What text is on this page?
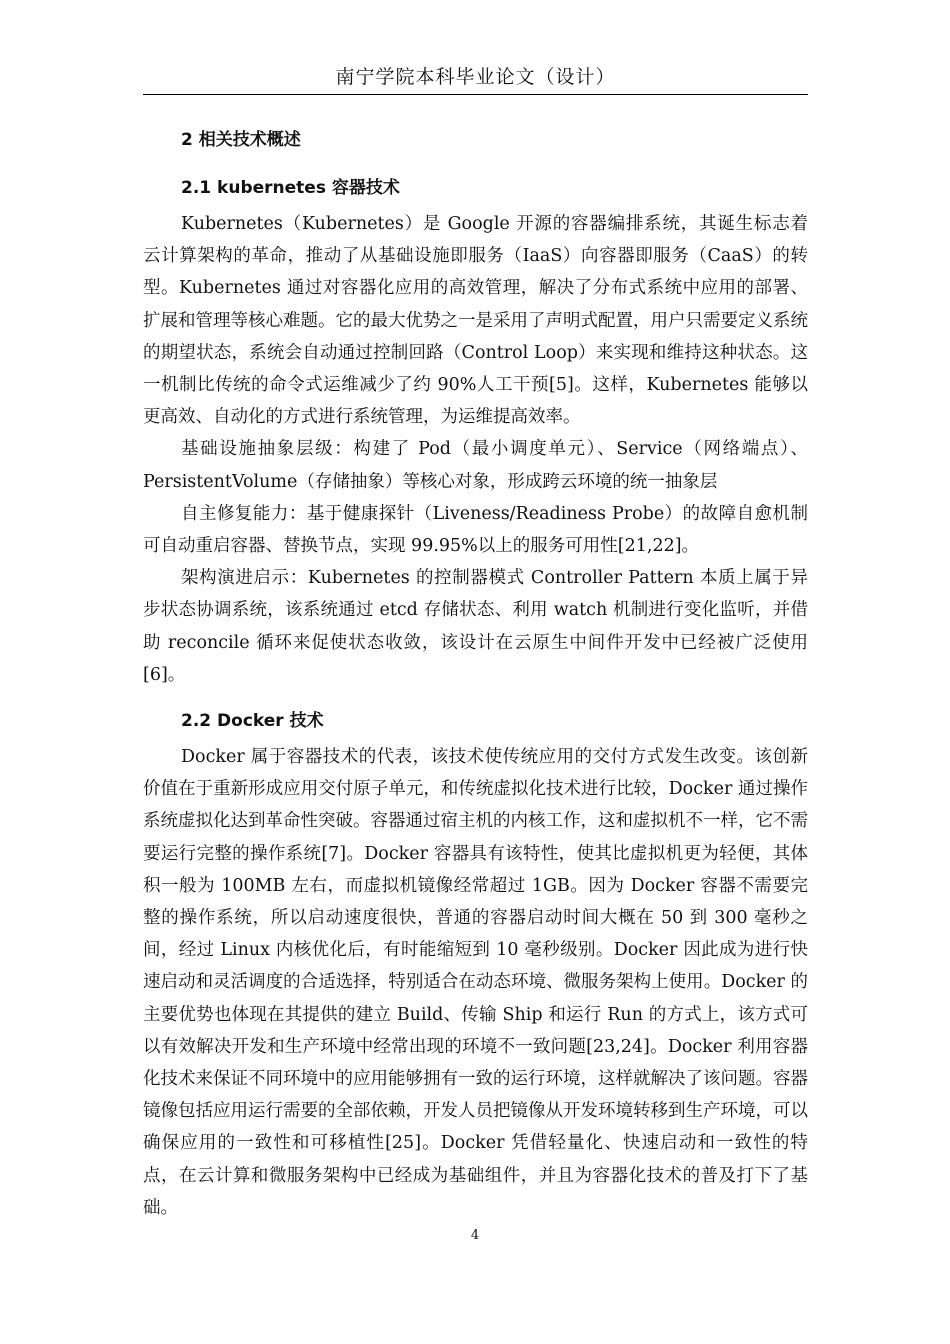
南宁学院本科毕业论文（设计）
2 相关技术概述
2.1 kubernetes 容器技术

Kubernetes（Kubernetes）是 Google 开源的容器编排系统，其诞生标志着云计算架构的革命，推动了从基础设施即服务（IaaS）向容器即服务（CaaS）的转型。Kubernetes 通过对容器化应用的高效管理，解决了分布式系统中应用的部署、扩展和管理等核心难题。它的最大优势之一是采用了声明式配置，用户只需要定义系统的期望状态，系统会自动通过控制回路（Control Loop）来实现和维持这种状态。这一机制比传统的命令式运维减少了约 90%人工干预[5]。这样，Kubernetes 能够以更高效、自动化的方式进行系统管理，为运维提高效率。

基础设施抽象层级：构建了 Pod（最小调度单元）、Service（网络端点）、PersistentVolume（存储抽象）等核心对象，形成跨云环境的统一抽象层

自主修复能力：基于健康探针（Liveness/Readiness Probe）的故障自愈机制可自动重启容器、替换节点，实现 99.95%以上的服务可用性[21,22]。

架构演进启示：Kubernetes 的控制器模式 Controller Pattern 本质上属于异步状态协调系统，该系统通过 etcd 存储状态、利用 watch 机制进行变化监听，并借助 reconcile 循环来促使状态收敛，该设计在云原生中间件开发中已经被广泛使用[6]。

2.2 Docker 技术

Docker 属于容器技术的代表，该技术使传统应用的交付方式发生改变。该创新价值在于重新形成应用交付原子单元，和传统虚拟化技术进行比较，Docker 通过操作系统虚拟化达到革命性突破。容器通过宿主机的内核工作，这和虚拟机不一样，它不需要运行完整的操作系统[7]。Docker 容器具有该特性，使其比虚拟机更为轻便，其体积一般为 100MB 左右，而虚拟机镜像经常超过 1GB。因为 Docker 容器不需要完整的操作系统，所以启动速度很快，普通的容器启动时间大概在 50 到 300 毫秒之间，经过 Linux 内核优化后，有时能缩短到 10 毫秒级别。Docker 因此成为进行快速启动和灵活调度的合适选择，特别适合在动态环境、微服务架构上使用。Docker 的主要优势也体现在其提供的建立 Build、传输 Ship 和运行 Run 的方式上，该方式可以有效解决开发和生产环境中经常出现的环境不一致问题[23,24]。Docker 利用容器化技术来保证不同环境中的应用能够拥有一致的运行环境，这样就解决了该问题。容器镜像包括应用运行需要的全部依赖，开发人员把镜像从开发环境转移到生产环境，可以确保应用的一致性和可移植性[25]。Docker 凭借轻量化、快速启动和一致性的特点，在云计算和微服务架构中已经成为基础组件，并且为容器化技术的普及打下了基础。

4
